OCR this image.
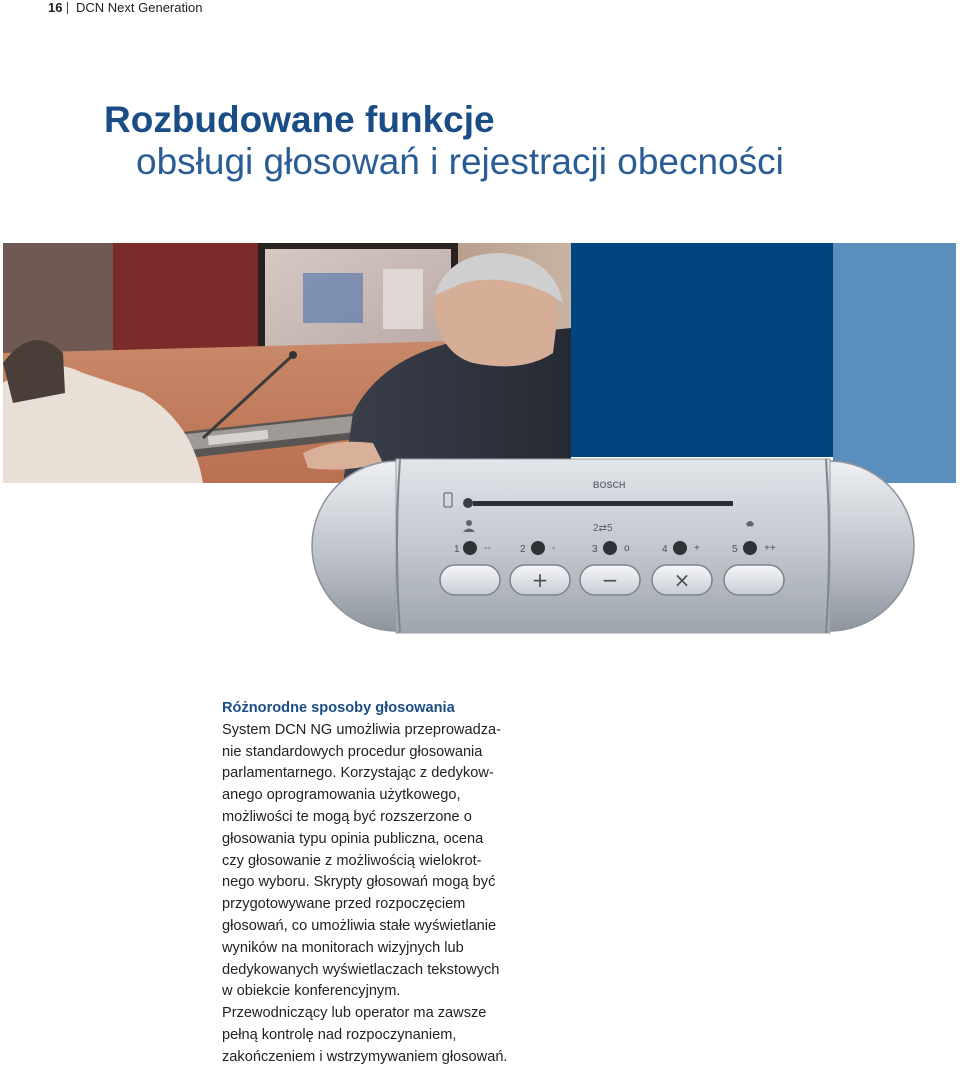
16 DCN Next Generation
Rozbudowane funkcje
obsługi głosowań i rejestracji obecności
BOSCH
2⇄5
1 --	2	-	3	o	4	+	5	++
+	−	×
Różnorodne sposoby głosowania
System DCN NG umożliwia przeprowadza-
nie standardowych procedur głosowania
parlamentarnego. Korzystając z dedykow-
anego oprogramowania użytkowego,
możliwości te mogą być rozszerzone o
głosowania typu opinia publiczna, ocena
czy głosowanie z możliwością wielokrot-
nego wyboru. Skrypty głosowań mogą być
przygotowywane przed rozpoczęciem
głosowań, co umożliwia stałe wyświetlanie
wyników na monitorach wizyjnych lub
dedykowanych wyświetlaczach tekstowych
w obiekcie konferencyjnym.
Przewodniczący lub operator ma zawsze
pełną kontrolę nad rozpoczynaniem,
zakończeniem i wstrzymywaniem głosowań.
